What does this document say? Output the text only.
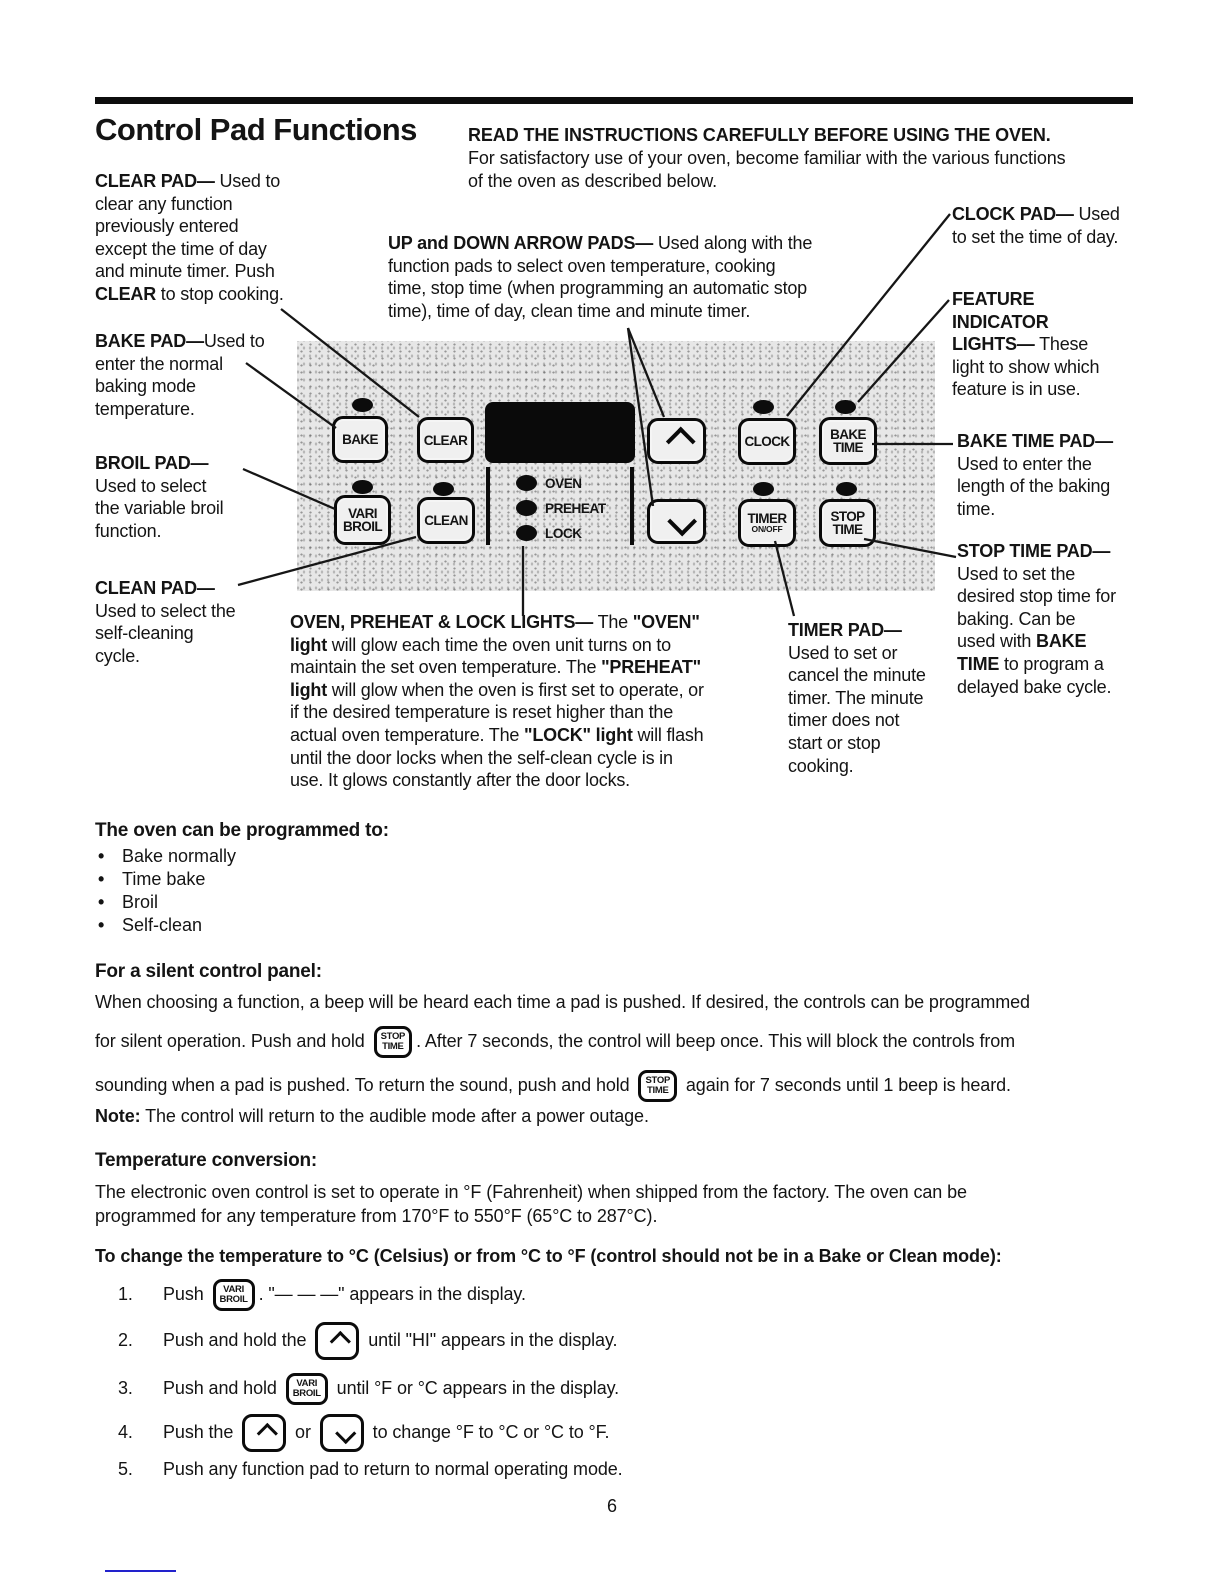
Control Pad Functions	READ THE INSTRUCTIONS CAREFULLY BEFORE USING THE OVEN.
For satisfactory use of your oven, become familiar with the various functions
of the oven as described below.
CLEAR PAD— Used to
clear any function
previously entered
except the time of day
and minute timer. Push
CLEAR to stop cooking.
UP and DOWN ARROW PADS— Used along with the
function pads to select oven temperature, cooking
time, stop time (when programming an automatic stop
time), time of day, clean time and minute timer.
CLOCK PAD— Used
to set the time of day.
FEATURE
INDICATOR
LIGHTS— These
light to show which
feature is in use.
BAKE PAD—Used to
enter the normal
baking mode
temperature.
BROIL PAD—
Used to select
the variable broil
function.
CLEAN PAD—
Used to select the
self-cleaning
cycle.
BAKE TIME PAD—
Used to enter the
length of the baking
time.
STOP TIME PAD—
Used to set the
desired stop time for
baking. Can be
used with BAKE
TIME to program a
delayed bake cycle.
OVEN, PREHEAT & LOCK LIGHTS— The "OVEN"
light will glow each time the oven unit turns on to
maintain the set oven temperature. The "PREHEAT"
light will glow when the oven is first set to operate, or
if the desired temperature is reset higher than the
actual oven temperature. The "LOCK" light will flash
until the door locks when the self-clean cycle is in
use. It glows constantly after the door locks.
TIMER PAD—
Used to set or
cancel the minute
timer. The minute
timer does not
start or stop
cooking.
BAKE	CLEAR
VARI
BROIL	CLEAN
OVEN
PREHEAT
LOCK
CLOCK	BAKE
TIME
TIMER
ON/OFF
STOP
TIME
The oven can be programmed to:
• Bake normally
• Time bake
• Broil
• Self-clean
For a silent control panel:
When choosing a function, a beep will be heard each time a pad is pushed. If desired, the controls can be programmed
for silent operation. Push and hold STOP
TIME . After 7 seconds, the control will beep once. This will block the controls from
sounding when a pad is pushed. To return the sound, push and hold STOP
TIME again for 7 seconds until 1 beep is heard.
Note: The control will return to the audible mode after a power outage.
Temperature conversion:
The electronic oven control is set to operate in °F (Fahrenheit) when shipped from the factory. The oven can be
programmed for any temperature from 170°F to 550°F (65°C to 287°C).
To change the temperature to °C (Celsius) or from °C to °F (control should not be in a Bake or Clean mode):
1. Push VARI
BROIL . "— — —" appears in the display.
2. Push and hold the	until "HI" appears in the display.
3. Push and hold VARI
BROIL until °F or °C appears in the display.
4. Push the	or	to change °F to °C or °C to °F.
5. Push any function pad to return to normal operating mode.
6
